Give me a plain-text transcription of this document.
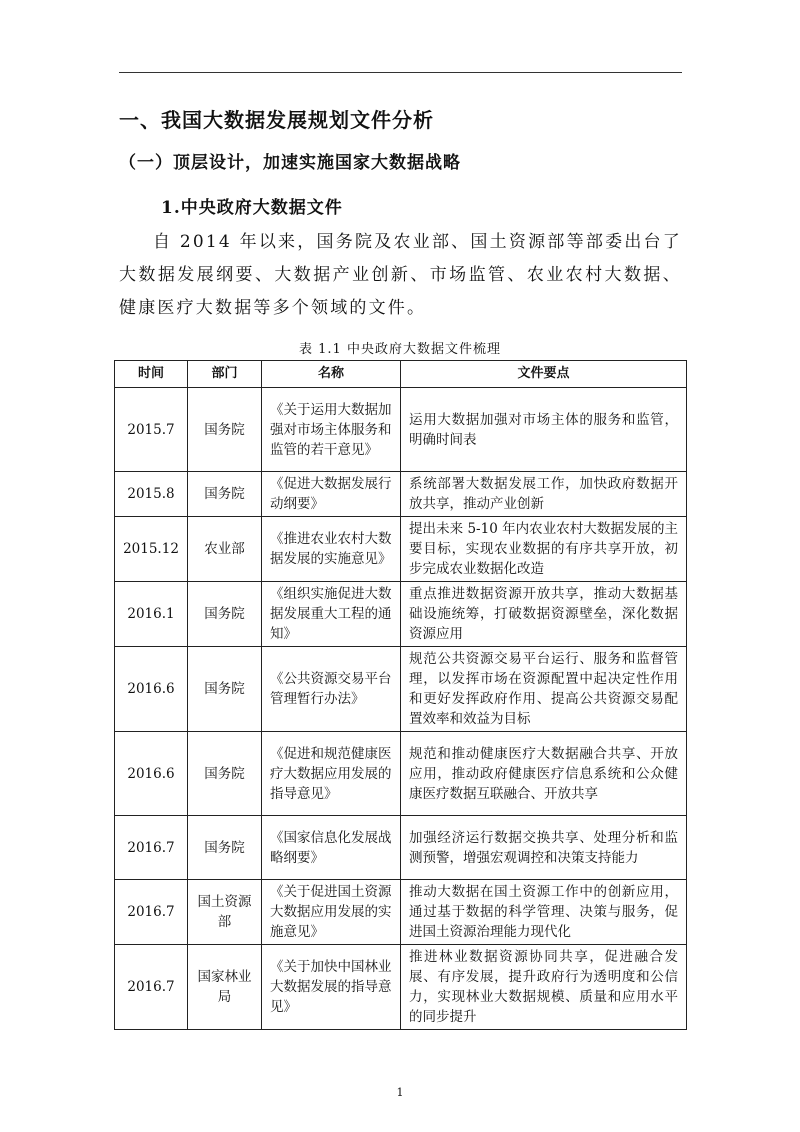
一、我国大数据发展规划文件分析
（一）顶层设计，加速实施国家大数据战略
1.中央政府大数据文件

自 2014 年以来，国务院及农业部、国土资源部等部委出台了大数据发展纲要、大数据产业创新、市场监管、农业农村大数据、健康医疗大数据等多个领域的文件。

表 1.1 中央政府大数据文件梳理
时间	部门	名称	文件要点
2015.7	国务院	《关于运用大数据加强对市场主体服务和监管的若干意见》	运用大数据加强对市场主体的服务和监管，明确时间表
2015.8	国务院	《促进大数据发展行动纲要》	系统部署大数据发展工作，加快政府数据开放共享，推动产业创新
2015.12	农业部	《推进农业农村大数据发展的实施意见》	提出未来 5-10 年内农业农村大数据发展的主要目标，实现农业数据的有序共享开放，初步完成农业数据化改造
2016.1	国务院	《组织实施促进大数据发展重大工程的通知》	重点推进数据资源开放共享，推动大数据基础设施统筹，打破数据资源壁垒，深化数据资源应用
2016.6	国务院	《公共资源交易平台管理暂行办法》	规范公共资源交易平台运行、服务和监督管理，以发挥市场在资源配置中起决定性作用和更好发挥政府作用、提高公共资源交易配置效率和效益为目标
2016.6	国务院	《促进和规范健康医疗大数据应用发展的指导意见》	规范和推动健康医疗大数据融合共享、开放应用，推动政府健康医疗信息系统和公众健康医疗数据互联融合、开放共享
2016.7	国务院	《国家信息化发展战略纲要》	加强经济运行数据交换共享、处理分析和监测预警，增强宏观调控和决策支持能力
2016.7	国土资源部	《关于促进国土资源大数据应用发展的实施意见》	推动大数据在国土资源工作中的创新应用，通过基于数据的科学管理、决策与服务，促进国土资源治理能力现代化
2016.7	国家林业局	《关于加快中国林业大数据发展的指导意见》	推进林业数据资源协同共享，促进融合发展、有序发展，提升政府行为透明度和公信力，实现林业大数据规模、质量和应用水平的同步提升
1
